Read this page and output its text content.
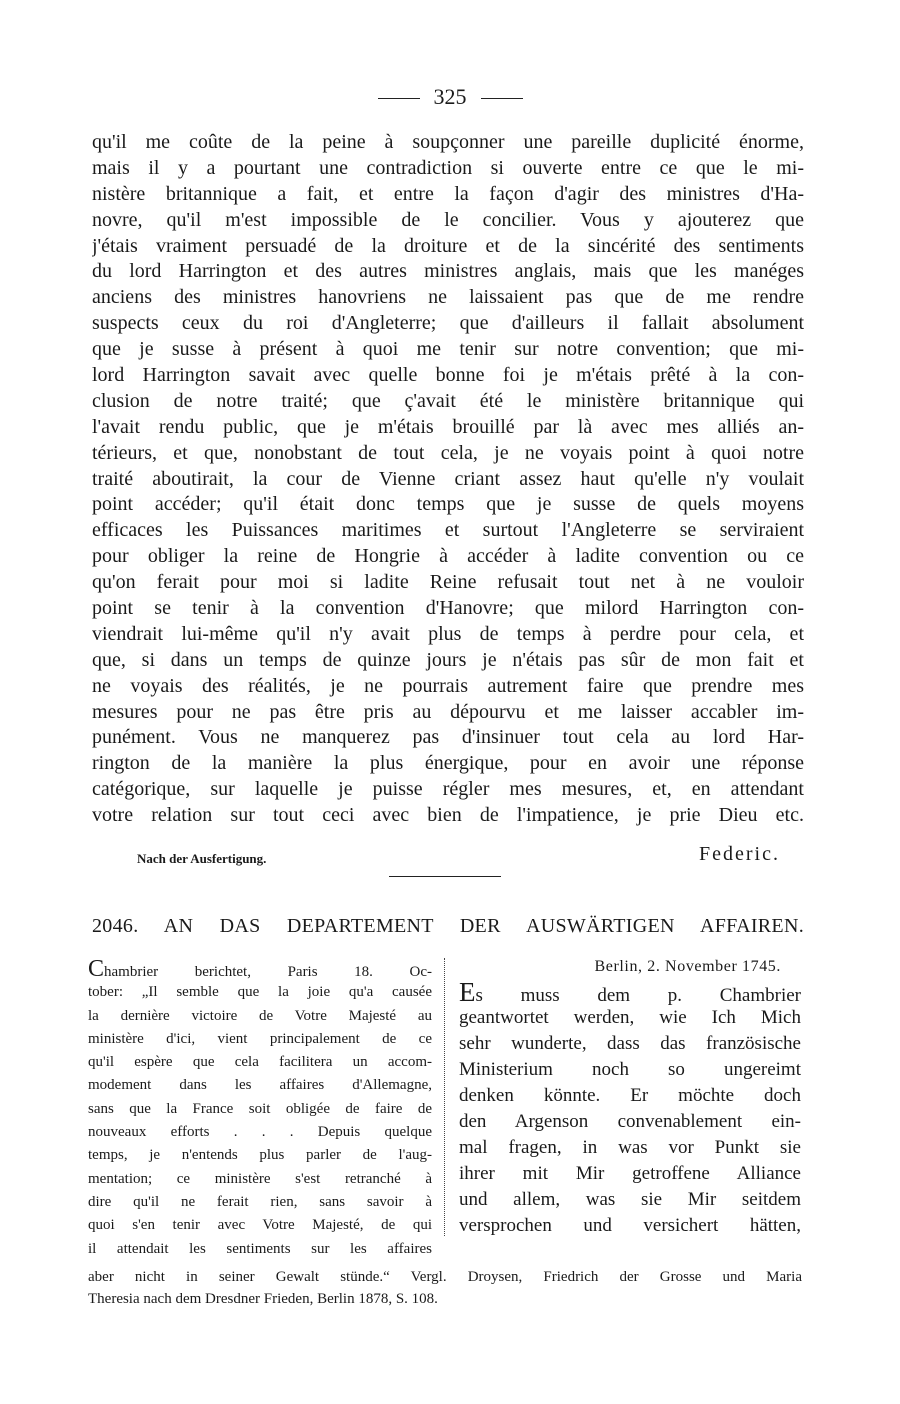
325
qu'il me coûte de la peine à soupçonner une pareille duplicité énorme,
mais il y a pourtant une contradiction si ouverte entre ce que le mi-
nistère britannique a fait, et entre la façon d'agir des ministres d'Ha-
novre, qu'il m'est impossible de le concilier. Vous y ajouterez que
j'étais vraiment persuadé de la droiture et de la sincérité des sentiments
du lord Harrington et des autres ministres anglais, mais que les manéges
anciens des ministres hanovriens ne laissaient pas que de me rendre
suspects ceux du roi d'Angleterre; que d'ailleurs il fallait absolument
que je susse à présent à quoi me tenir sur notre convention; que mi-
lord Harrington savait avec quelle bonne foi je m'étais prêté à la con-
clusion de notre traité; que ç'avait été le ministère britannique qui
l'avait rendu public, que je m'étais brouillé par là avec mes alliés an-
térieurs, et que, nonobstant de tout cela, je ne voyais point à quoi notre
traité aboutirait, la cour de Vienne criant assez haut qu'elle n'y voulait
point accéder; qu'il était donc temps que je susse de quels moyens
efficaces les Puissances maritimes et surtout l'Angleterre se serviraient
pour obliger la reine de Hongrie à accéder à ladite convention ou ce
qu'on ferait pour moi si ladite Reine refusait tout net à ne vouloir
point se tenir à la convention d'Hanovre; que milord Harrington con-
viendrait lui-même qu'il n'y avait plus de temps à perdre pour cela, et
que, si dans un temps de quinze jours je n'étais pas sûr de mon fait et
ne voyais des réalités, je ne pourrais autrement faire que prendre mes
mesures pour ne pas être pris au dépourvu et me laisser accabler im-
punément. Vous ne manquerez pas d'insinuer tout cela au lord Har-
rington de la manière la plus énergique, pour en avoir une réponse
catégorique, sur laquelle je puisse régler mes mesures, et, en attendant
votre relation sur tout ceci avec bien de l'impatience, je prie Dieu etc.
Nach der Ausfertigung.	Federic.
2046. AN DAS DEPARTEMENT DER AUSWÄRTIGEN AFFAIREN.
Chambrier berichtet, Paris 18. Oc-
tober: „Il semble que la joie qu'a causée
la dernière victoire de Votre Majesté au
ministère d'ici, vient principalement de ce
qu'il espère que cela facilitera un accom-
modement dans les affaires d'Allemagne,
sans que la France soit obligée de faire de
nouveaux efforts . . . Depuis quelque
temps, je n'entends plus parler de l'aug-
mentation; ce ministère s'est retranché à
dire qu'il ne ferait rien, sans savoir à
quoi s'en tenir avec Votre Majesté, de qui
il attendait les sentiments sur les affaires
Berlin, 2. November 1745.
Es muss dem p. Chambrier
geantwortet werden, wie Ich Mich
sehr wunderte, dass das französische
Ministerium noch so ungereimt
denken könnte. Er möchte doch
den Argenson convenablement ein-
mal fragen, in was vor Punkt sie
ihrer mit Mir getroffene Alliance
und allem, was sie Mir seitdem
versprochen und versichert hätten,
aber nicht in seiner Gewalt stünde.“ Vergl. Droysen, Friedrich der Grosse und Maria
Theresia nach dem Dresdner Frieden, Berlin 1878, S. 108.
